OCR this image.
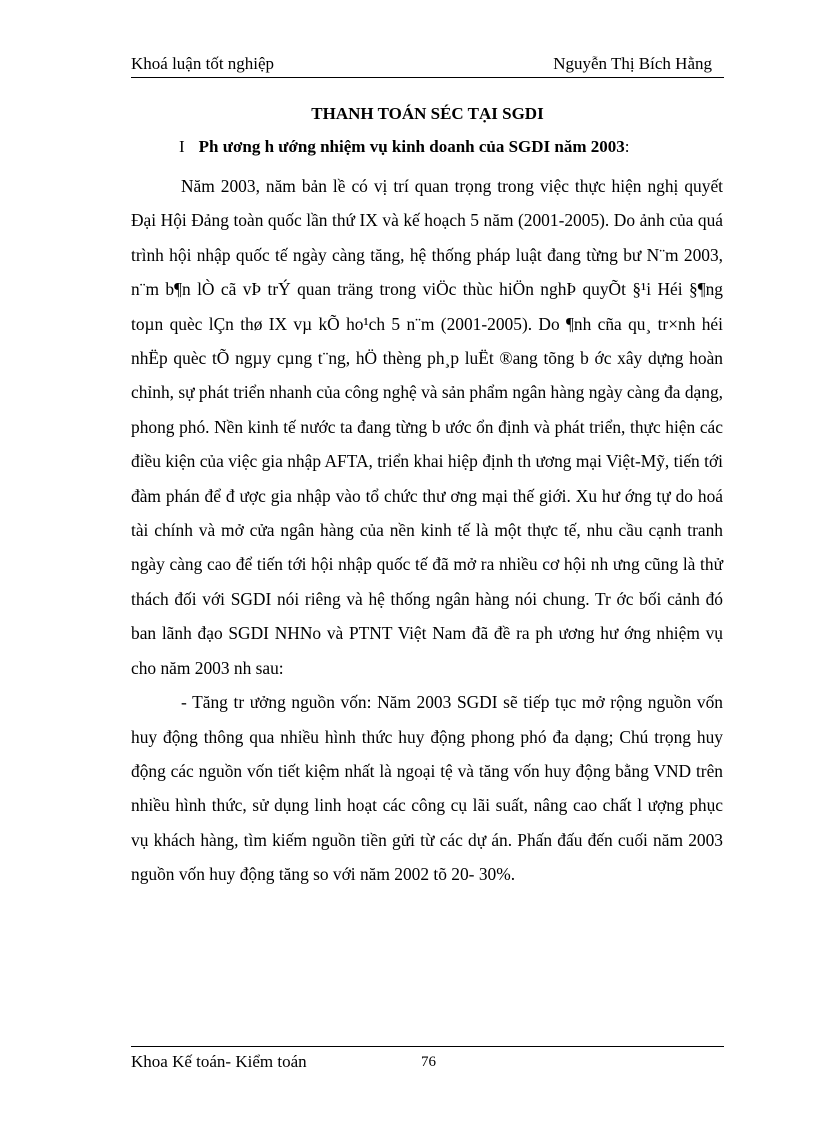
Khoá luận tốt nghiệp	Nguyễn Thị Bích Hằng
THANH TOÁN SÉC TẠI SGDI
I Ph ương h ướng nhiệm vụ kinh doanh của SGDI năm 2003:

Năm 2003, năm bản lề có vị trí quan trọng trong việc thực hiện nghị quyết Đại Hội Đảng toàn quốc lần thứ IX và kế hoạch 5 năm (2001-2005). Do ảnh của quá trình hội nhập quốc tế ngày càng tăng, hệ thống pháp luật đang từng bư N¨m 2003, n¨m b¶n lÒ cã vÞ trÝ quan träng trong viÖc thùc hiÖn nghÞ quyÕt §¹i Héi §¶ng toµn quèc lÇn thø IX vµ kÕ ho¹ch 5 n¨m (2001-2005). Do ¶nh cña qu¸ tr×nh héi nhËp quèc tÕ ngµy cµng t¨ng, hÖ thèng ph¸p luËt ®ang tõng b ớc xây dựng hoàn chỉnh, sự phát triển nhanh của công nghệ và sản phẩm ngân hàng ngày càng đa dạng, phong phó. Nền kinh tế nước ta đang từng b ước ổn định và phát triển, thực hiện các điều kiện của việc gia nhập AFTA, triển khai hiệp định th ương mại Việt-Mỹ, tiến tới đàm phán để đ ược gia nhập vào tổ chức thư ơng mại thế giới. Xu hư ớng tự do hoá tài chính và mở cửa ngân hàng của nền kinh tế là một thực tế, nhu cầu cạnh tranh ngày càng cao để tiến tới hội nhập quốc tế đã mở ra nhiều cơ hội nh ưng cũng là thử thách đối với SGDI nói riêng và hệ thống ngân hàng nói chung. Tr ớc bối cảnh đó ban lãnh đạo SGDI NHNo và PTNT Việt Nam đã đề ra ph ương hư ớng nhiệm vụ cho năm 2003 nh sau:

- Tăng tr ưởng nguồn vốn: Năm 2003 SGDI sẽ tiếp tục mở rộng nguồn vốn huy động thông qua nhiều hình thức huy động phong phó đa dạng; Chú trọng huy động các nguồn vốn tiết kiệm nhất là ngoại tệ và tăng vốn huy động bằng VND trên nhiều hình thức, sử dụng linh hoạt các công cụ lãi suất, nâng cao chất l ượng phục vụ khách hàng, tìm kiếm nguồn tiền gửi từ các dự án. Phấn đấu đến cuối năm 2003 nguồn vốn huy động tăng so với năm 2002 tõ 20- 30%.

Khoa Kế toán- Kiểm toán	76
